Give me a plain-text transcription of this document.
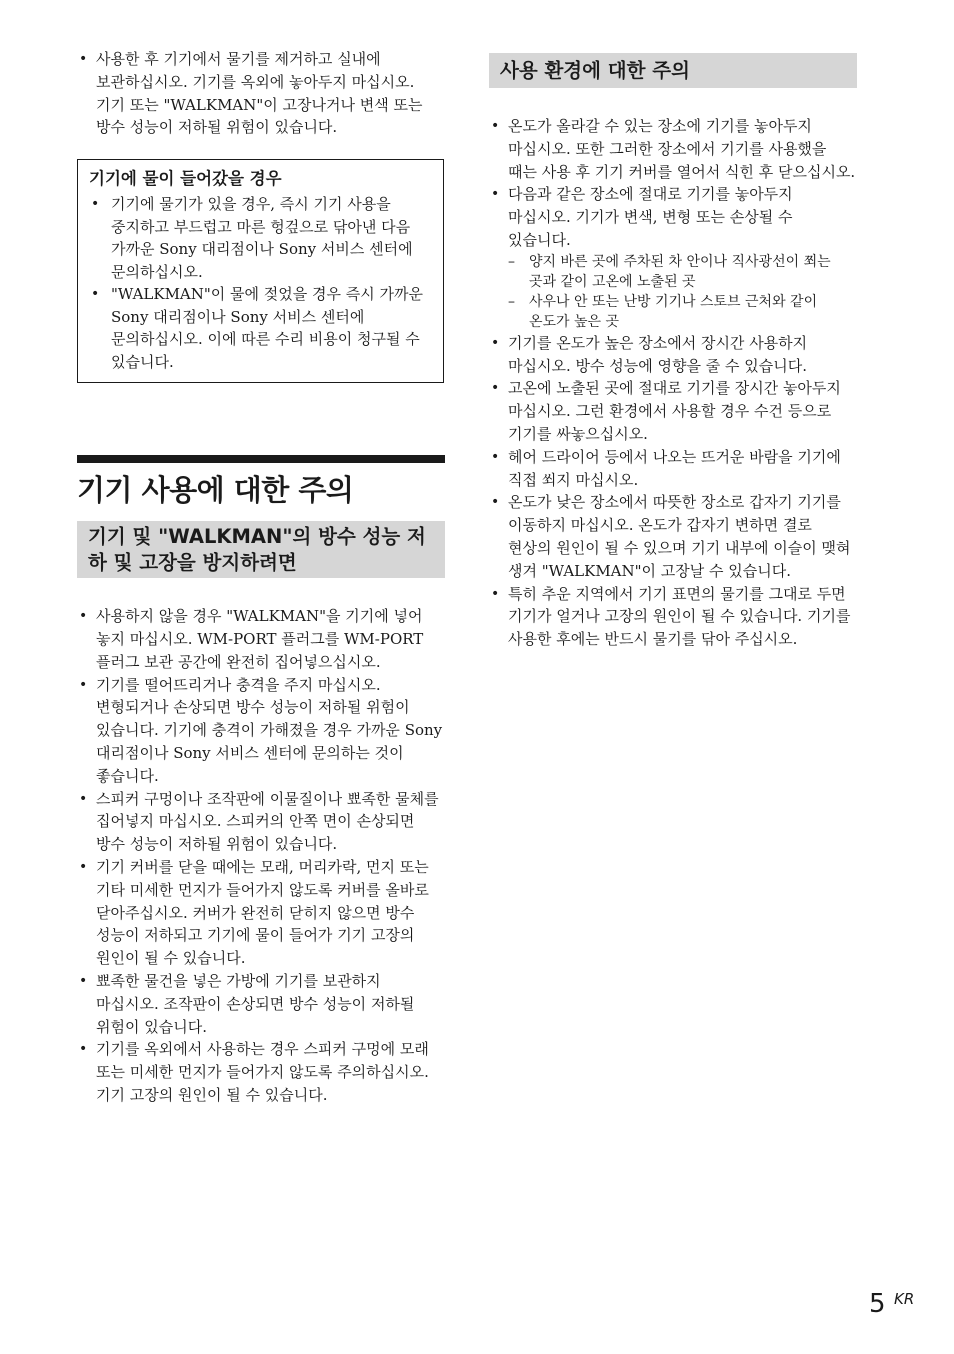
• 사용한 후 기기에서 물기를 제거하고 실내에 보관하십시오. 기기를 옥외에 놓아두지 마십시오. 기기 또는 "WALKMAN"이 고장나거나 변색 또는 방수 성능이 저하될 위험이 있습니다.
기기에 물이 들어갔을 경우
• 기기에 물기가 있을 경우, 즉시 기기 사용을 중지하고 부드럽고 마른 헝겊으로 닦아낸 다음 가까운 Sony 대리점이나 Sony 서비스 센터에 문의하십시오.
• "WALKMAN"이 물에 젖었을 경우 즉시 가까운 Sony 대리점이나 Sony 서비스 센터에 문의하십시오. 이에 따른 수리 비용이 청구될 수 있습니다.
기기 사용에 대한 주의
기기 및 "WALKMAN"의 방수 성능 저하 및 고장을 방지하려면
• 사용하지 않을 경우 "WALKMAN"을 기기에 넣어 놓지 마십시오. WM-PORT 플러그를 WM-PORT 플러그 보관 공간에 완전히 집어넣으십시오.
• 기기를 떨어뜨리거나 충격을 주지 마십시오. 변형되거나 손상되면 방수 성능이 저하될 위험이 있습니다. 기기에 충격이 가해졌을 경우 가까운 Sony 대리점이나 Sony 서비스 센터에 문의하는 것이 좋습니다.
• 스피커 구멍이나 조작판에 이물질이나 뾰족한 물체를 집어넣지 마십시오. 스피커의 안쪽 면이 손상되면 방수 성능이 저하될 위험이 있습니다.
• 기기 커버를 닫을 때에는 모래, 머리카락, 먼지 또는 기타 미세한 먼지가 들어가지 않도록 커버를 올바로 닫아주십시오. 커버가 완전히 닫히지 않으면 방수 성능이 저하되고 기기에 물이 들어가 기기 고장의 원인이 될 수 있습니다.
• 뾰족한 물건을 넣은 가방에 기기를 보관하지 마십시오. 조작판이 손상되면 방수 성능이 저하될 위험이 있습니다.
• 기기를 옥외에서 사용하는 경우 스피커 구멍에 모래 또는 미세한 먼지가 들어가지 않도록 주의하십시오. 기기 고장의 원인이 될 수 있습니다.
사용 환경에 대한 주의
• 온도가 올라갈 수 있는 장소에 기기를 놓아두지 마십시오. 또한 그러한 장소에서 기기를 사용했을 때는 사용 후 기기 커버를 열어서 식힌 후 닫으십시오.
• 다음과 같은 장소에 절대로 기기를 놓아두지 마십시오. 기기가 변색, 변형 또는 손상될 수 있습니다.
– 양지 바른 곳에 주차된 차 안이나 직사광선이 쬐는 곳과 같이 고온에 노출된 곳
– 사우나 안 또는 난방 기기나 스토브 근처와 같이 온도가 높은 곳
• 기기를 온도가 높은 장소에서 장시간 사용하지 마십시오. 방수 성능에 영향을 줄 수 있습니다.
• 고온에 노출된 곳에 절대로 기기를 장시간 놓아두지 마십시오. 그런 환경에서 사용할 경우 수건 등으로 기기를 싸놓으십시오.
• 헤어 드라이어 등에서 나오는 뜨거운 바람을 기기에 직접 쐬지 마십시오.
• 온도가 낮은 장소에서 따뜻한 장소로 갑자기 기기를 이동하지 마십시오. 온도가 갑자기 변하면 결로 현상의 원인이 될 수 있으며 기기 내부에 이슬이 맺혀 생겨 "WALKMAN"이 고장날 수 있습니다.
• 특히 추운 지역에서 기기 표면의 물기를 그대로 두면 기기가 얼거나 고장의 원인이 될 수 있습니다. 기기를 사용한 후에는 반드시 물기를 닦아 주십시오.
5 KR
